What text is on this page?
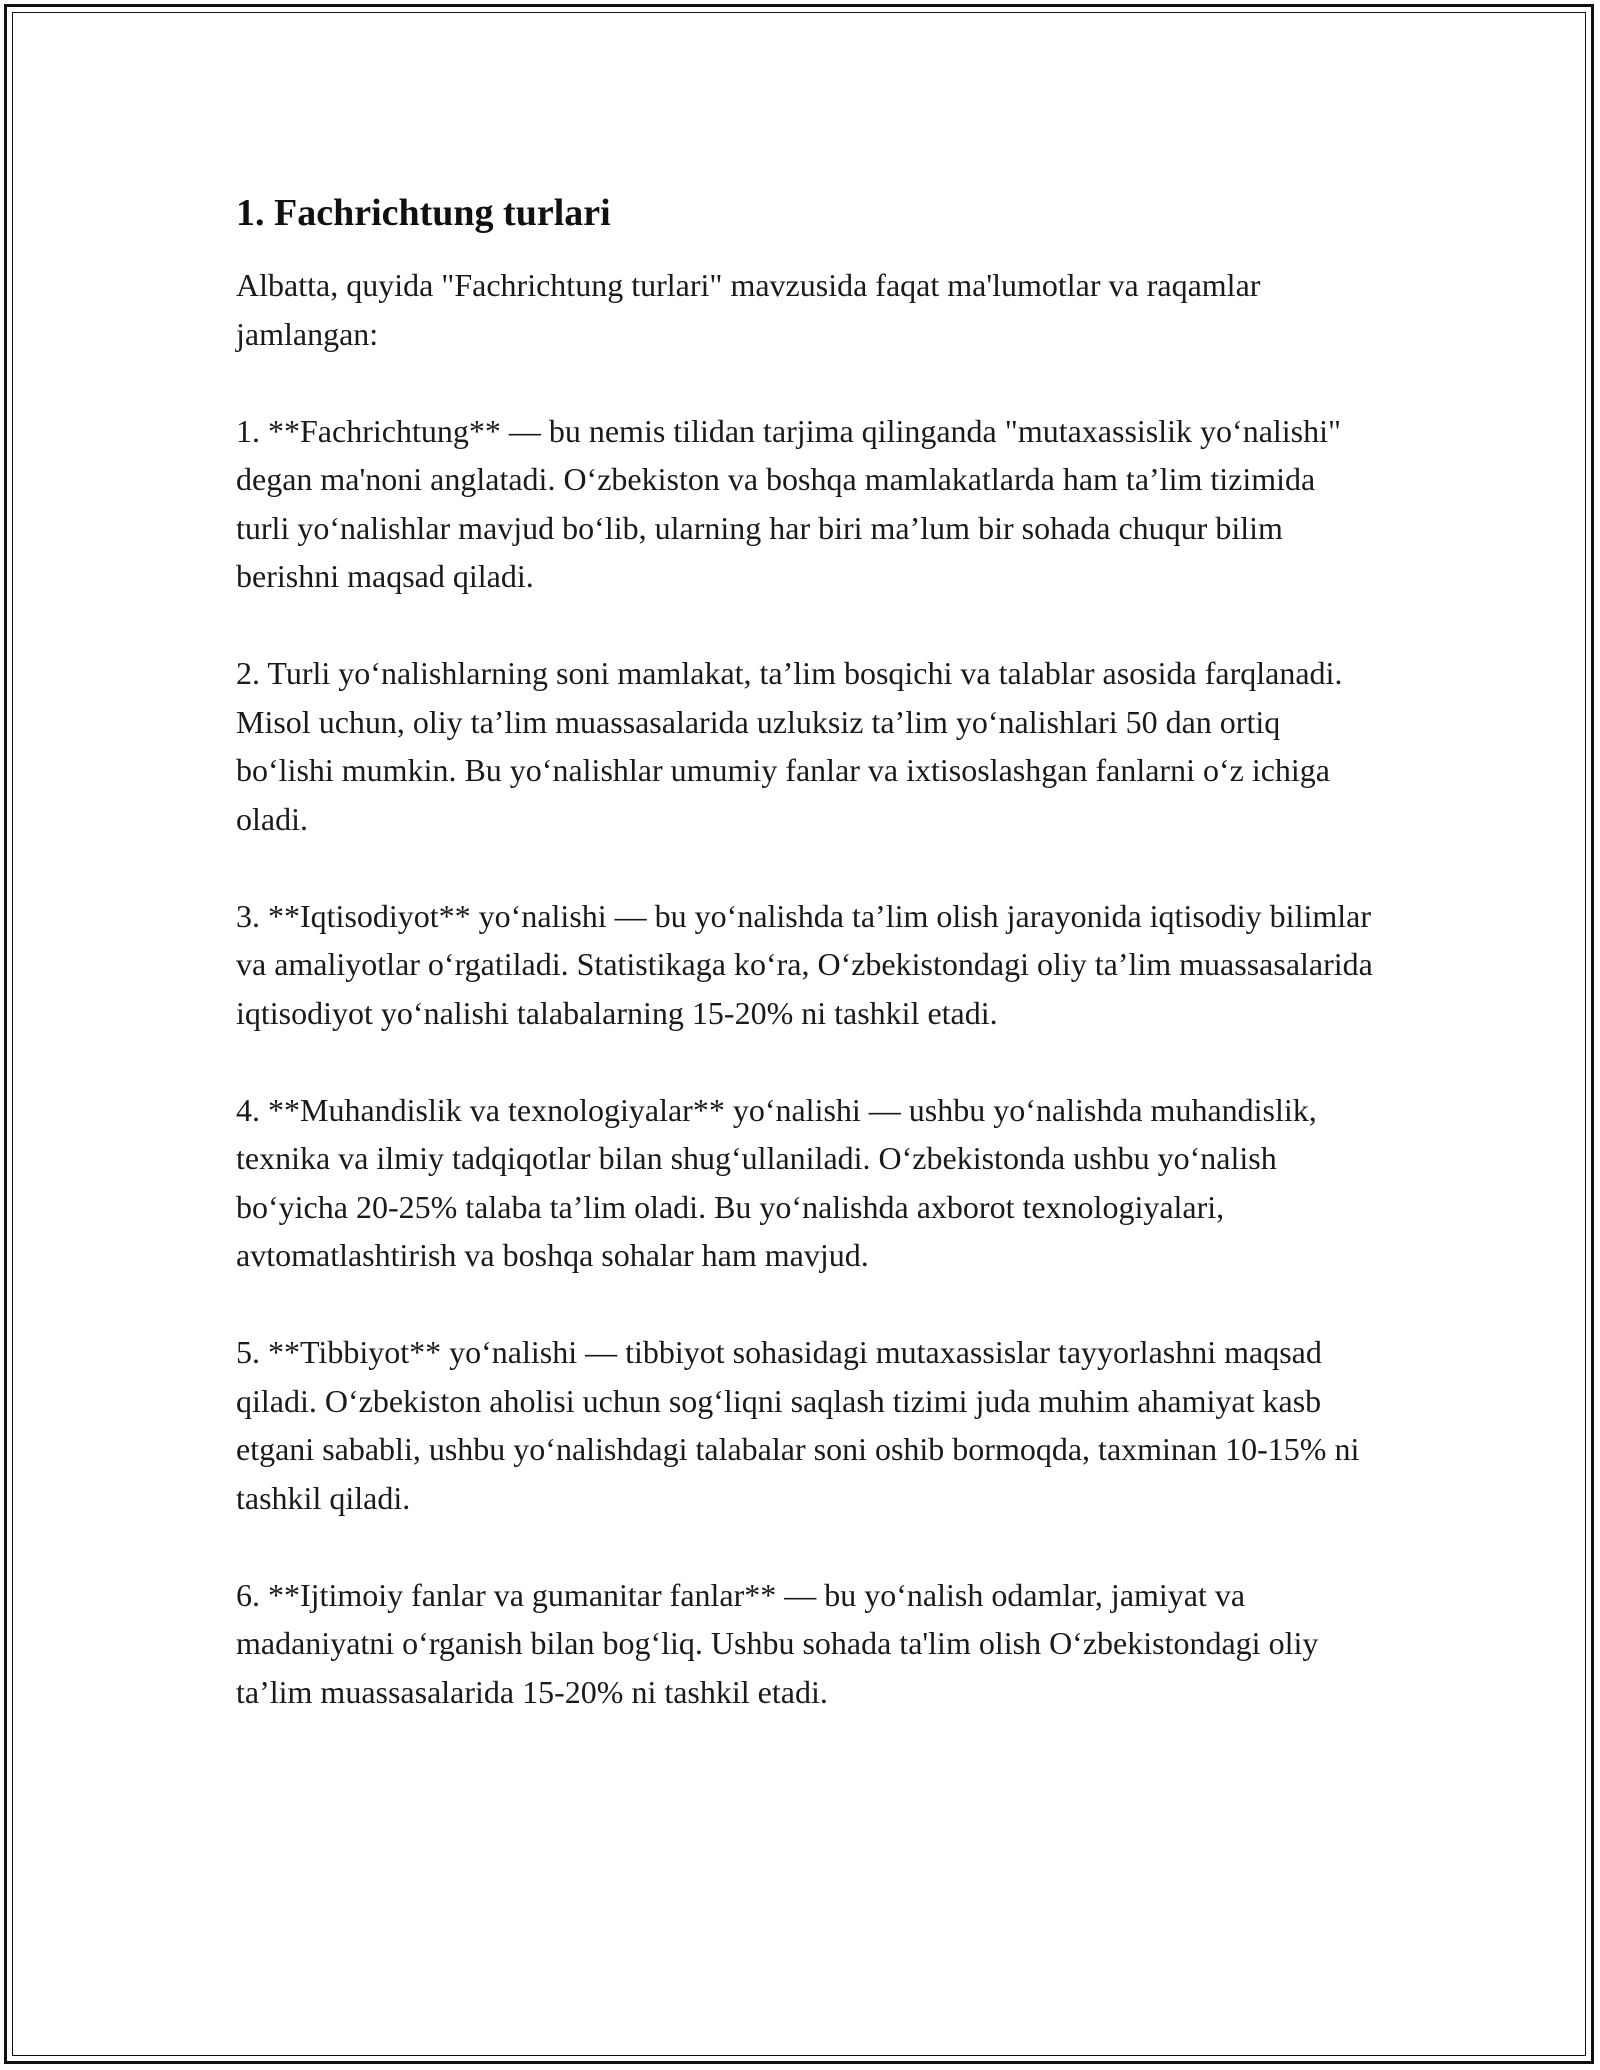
1. Fachrichtung turlari

Albatta, quyida "Fachrichtung turlari" mavzusida faqat ma'lumotlar va raqamlar jamlangan:

1. **Fachrichtung** — bu nemis tilidan tarjima qilinganda "mutaxassislik yo‘nalishi" degan ma'noni anglatadi. O‘zbekiston va boshqa mamlakatlarda ham ta’lim tizimida turli yo‘nalishlar mavjud bo‘lib, ularning har biri ma’lum bir sohada chuqur bilim berishni maqsad qiladi.

2. Turli yo‘nalishlarning soni mamlakat, ta’lim bosqichi va talablar asosida farqlanadi. Misol uchun, oliy ta’lim muassasalarida uzluksiz ta’lim yo‘nalishlari 50 dan ortiq bo‘lishi mumkin. Bu yo‘nalishlar umumiy fanlar va ixtisoslashgan fanlarni o‘z ichiga oladi.

3. **Iqtisodiyot** yo‘nalishi — bu yo‘nalishda ta’lim olish jarayonida iqtisodiy bilimlar va amaliyotlar o‘rgatiladi. Statistikaga ko‘ra, O‘zbekistondagi oliy ta’lim muassasalarida iqtisodiyot yo‘nalishi talabalarning 15-20% ni tashkil etadi.

4. **Muhandislik va texnologiyalar** yo‘nalishi — ushbu yo‘nalishda muhandislik, texnika va ilmiy tadqiqotlar bilan shug‘ullaniladi. O‘zbekistonda ushbu yo‘nalish bo‘yicha 20-25% talaba ta’lim oladi. Bu yo‘nalishda axborot texnologiyalari, avtomatlashtirish va boshqa sohalar ham mavjud.

5. **Tibbiyot** yo‘nalishi — tibbiyot sohasidagi mutaxassislar tayyorlashni maqsad qiladi. O‘zbekiston aholisi uchun sog‘liqni saqlash tizimi juda muhim ahamiyat kasb etgani sababli, ushbu yo‘nalishdagi talabalar soni oshib bormoqda, taxminan 10-15% ni tashkil qiladi.

6. **Ijtimoiy fanlar va gumanitar fanlar** — bu yo‘nalish odamlar, jamiyat va madaniyatni o‘rganish bilan bog‘liq. Ushbu sohada ta'lim olish O‘zbekistondagi oliy ta’lim muassasalarida 15-20% ni tashkil etadi.
